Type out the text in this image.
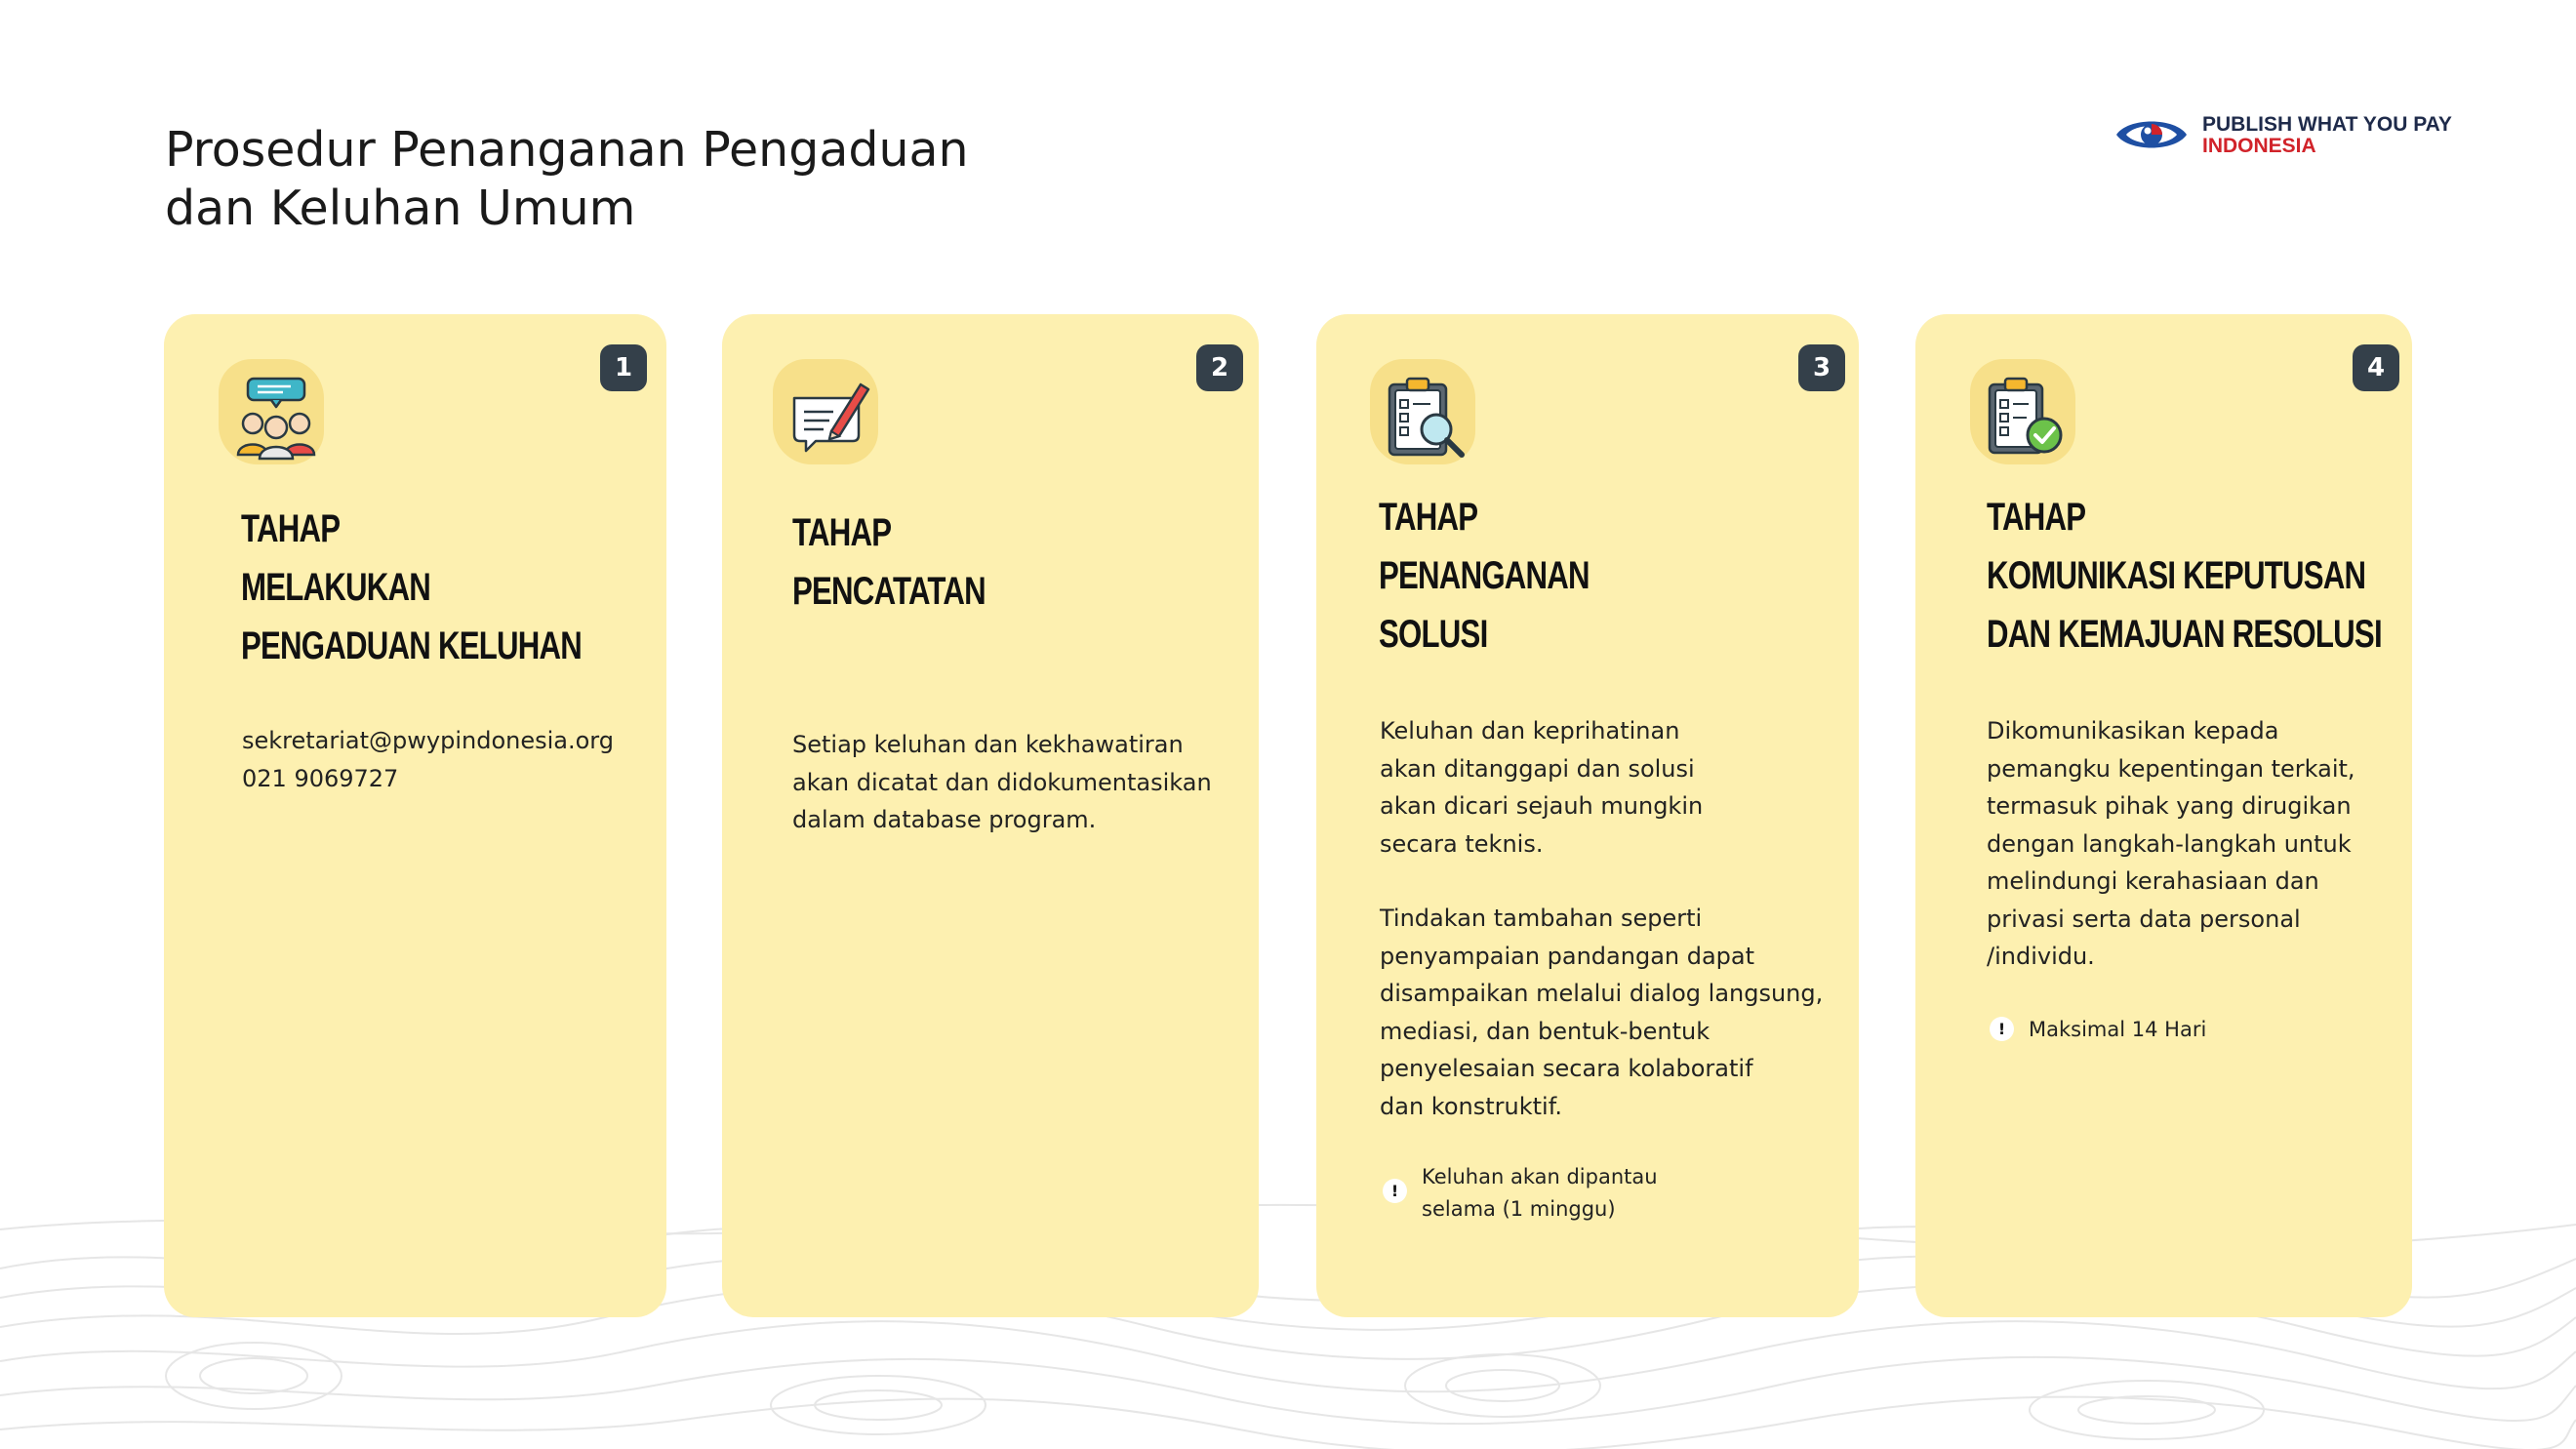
Prosedur Penanganan Pengaduan
dan Keluhan Umum
PUBLISH WHAT YOU PAY
INDONESIA
1
TAHAP
MELAKUKAN
PENGADUAN KELUHAN

sekretariat@pwypindonesia.org
021 9069727

2
TAHAP
PENCATATAN

Setiap keluhan dan kekhawatiran
akan dicatat dan didokumentasikan
dalam database program.

3
TAHAP
PENANGANAN
SOLUSI

Keluhan dan keprihatinan
akan ditanggapi dan solusi
akan dicari sejauh mungkin
secara teknis.

Tindakan tambahan seperti
penyampaian pandangan dapat
disampaikan melalui dialog langsung,
mediasi, dan bentuk-bentuk
penyelesaian secara kolaboratif
dan konstruktif.

!
Keluhan akan dipantau
selama (1 minggu)
4
TAHAP
KOMUNIKASI KEPUTUSAN
DAN KEMAJUAN RESOLUSI

Dikomunikasikan kepada
pemangku kepentingan terkait,
termasuk pihak yang dirugikan
dengan langkah-langkah untuk
melindungi kerahasiaan dan
privasi serta data personal
/individu.

!	Maksimal 14 Hari
